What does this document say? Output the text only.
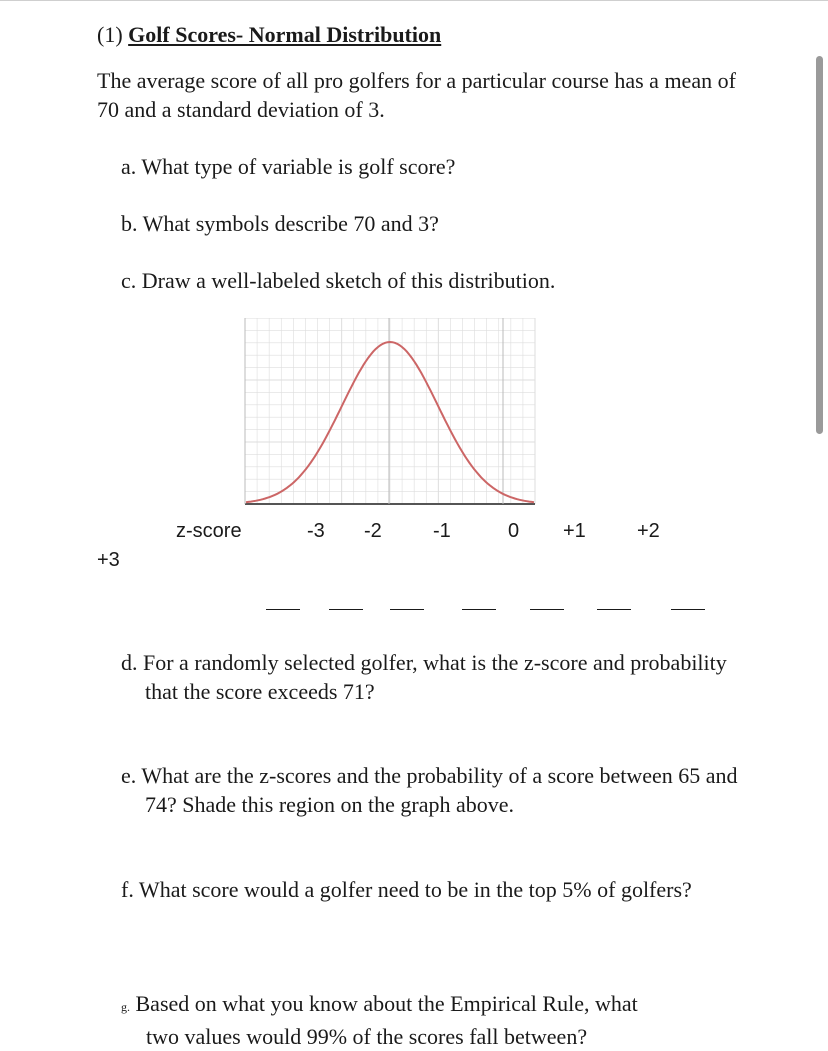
(1) Golf Scores- Normal Distribution
The average score of all pro golfers for a particular course has a mean of 70 and a standard deviation of 3.
a. What type of variable is golf score?
b. What symbols describe 70 and 3?
c. Draw a well-labeled sketch of this distribution.
z-score	-3 -2	-1	0 +1	+2
+3
d. For a randomly selected golfer, what is the z-score and probability that the score exceeds 71?
e. What are the z-scores and the probability of a score between 65 and 74? Shade this region on the graph above.
f. What score would a golfer need to be in the top 5% of golfers?
g. Based on what you know about the Empirical Rule, what
two values would 99% of the scores fall between?
